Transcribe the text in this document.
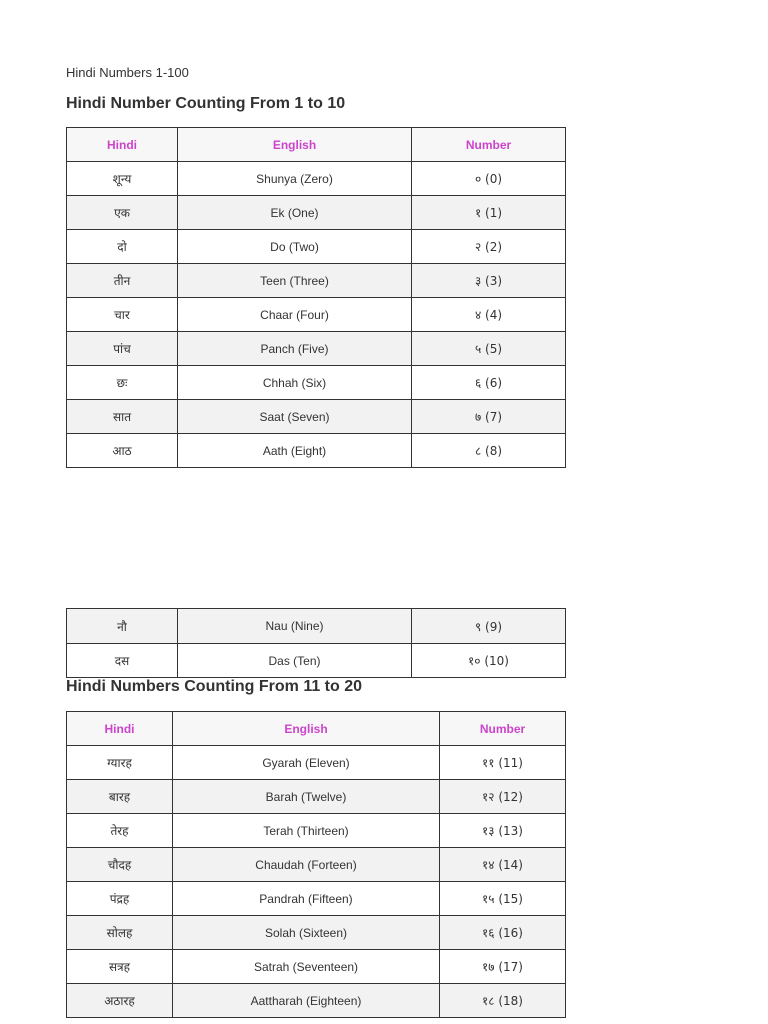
Hindi Numbers 1-100
Hindi Number Counting From 1 to 10
Hindi	English	Number
शून्य	Shunya (Zero)	० (0)
एक	Ek (One)	१ (1)
दो	Do (Two)	२ (2)
तीन	Teen (Three)	३ (3)
चार	Chaar (Four)	४ (4)
पांच	Panch (Five)	५ (5)
छः	Chhah (Six)	६ (6)
सात	Saat (Seven)	७ (7)
आठ	Aath (Eight)	८ (8)
नौ	Nau (Nine)	९ (9)
दस	Das (Ten)	१० (10)
Hindi Numbers Counting From 11 to 20
Hindi	English	Number
ग्यारह	Gyarah (Eleven)	११ (11)
बारह	Barah (Twelve)	१२ (12)
तेरह	Terah (Thirteen)	१३ (13)
चौदह	Chaudah (Forteen)	१४ (14)
पंद्रह	Pandrah (Fifteen)	१५ (15)
सोलह	Solah (Sixteen)	१६ (16)
सत्रह	Satrah (Seventeen)	१७ (17)
अठारह	Aattharah (Eighteen)	१८ (18)
